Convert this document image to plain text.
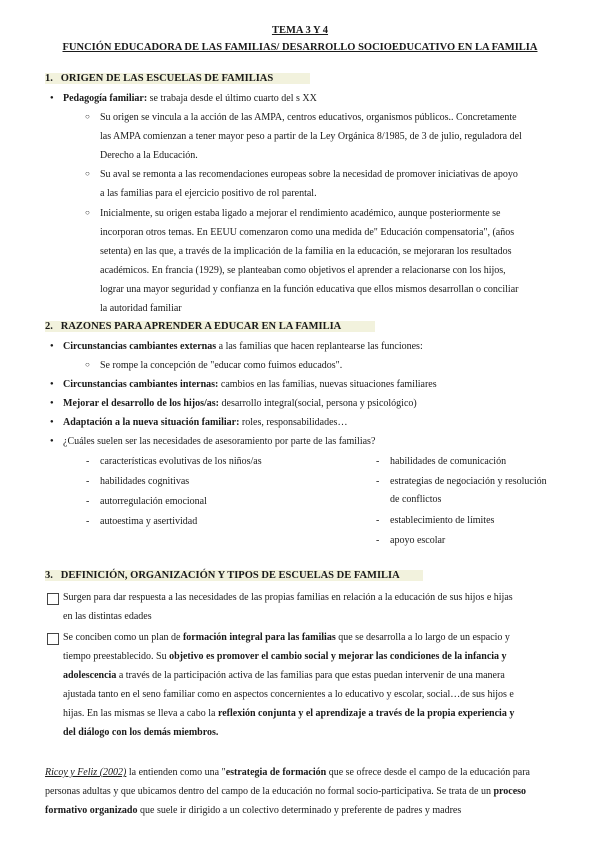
TEMA 3 Y 4
FUNCIÓN EDUCADORA DE LAS FAMILIAS/ DESARROLLO SOCIOEDUCATIVO EN LA FAMILIA
1. ORIGEN DE LAS ESCUELAS DE FAMILIAS
● Pedagogía familiar: se trabaja desde el último cuarto del s XX
○ Su origen se vincula a la acción de las AMPA, centros educativos, organismos públicos.. Concretamente
las AMPA comienzan a tener mayor peso a partir de la Ley Orgánica 8/1985, de 3 de julio, reguladora del
Derecho a la Educación.
○ Su aval se remonta a las recomendaciones europeas sobre la necesidad de promover iniciativas de apoyo
a las familias para el ejercicio positivo de rol parental.
○ Inicialmente, su origen estaba ligado a mejorar el rendimiento académico, aunque posteriormente se
incorporan otros temas. En EEUU comenzaron como una medida de" Educación compensatoria", (años
setenta) en las que, a través de la implicación de la familia en la educación, se mejoraran los resultados
académicos. En francia (1929), se planteaban como objetivos el aprender a relacionarse con los hijos,
lograr una mayor seguridad y confianza en la función educativa que ellos mismos desarrollan o conciliar
la autoridad familiar
2. RAZONES PARA APRENDER A EDUCAR EN LA FAMILIA
● Circunstancias cambiantes externas a las familias que hacen replantearse las funciones:
○ Se rompe la concepción de "educar como fuimos educados".
● Circunstancias cambiantes internas: cambios en las familias, nuevas situaciones familiares
● Mejorar el desarrollo de los hijos/as: desarrollo integral(social, persona y psicológico)
● Adaptación a la nueva situación familiar: roles, responsabilidades…
● ¿Cuáles suelen ser las necesidades de asesoramiento por parte de las familias?
- características evolutivas de los niños/as
- habilidades cognitivas
- autorregulación emocional
- autoestima y asertividad
- habilidades de comunicación
- estrategias de negociación y resolución
de conflictos
- establecimiento de límites
- apoyo escolar
3. DEFINICIÓN, ORGANIZACIÓN Y TIPOS DE ESCUELAS DE FAMILIA
Surgen para dar respuesta a las necesidades de las propias familias en relación a la educación de sus hijos e hijas
en las distintas edades
Se conciben como un plan de formación integral para las familias que se desarrolla a lo largo de un espacio y
tiempo preestablecido. Su objetivo es promover el cambio social y mejorar las condiciones de la infancia y
adolescencia a través de la participación activa de las familias para que estas puedan intervenir de una manera
ajustada tanto en el seno familiar como en aspectos concernientes a lo educativo y escolar, social…de sus hijos e
hijas. En las mismas se lleva a cabo la reflexión conjunta y el aprendizaje a través de la propia experiencia y
del diálogo con los demás miembros.
Ricoy y Feliz (2002) la entienden como una "estrategia de formación que se ofrece desde el campo de la educación para
personas adultas y que ubicamos dentro del campo de la educación no formal socio-participativa. Se trata de un proceso
formativo organizado que suele ir dirigido a un colectivo determinado y preferente de padres y madres
